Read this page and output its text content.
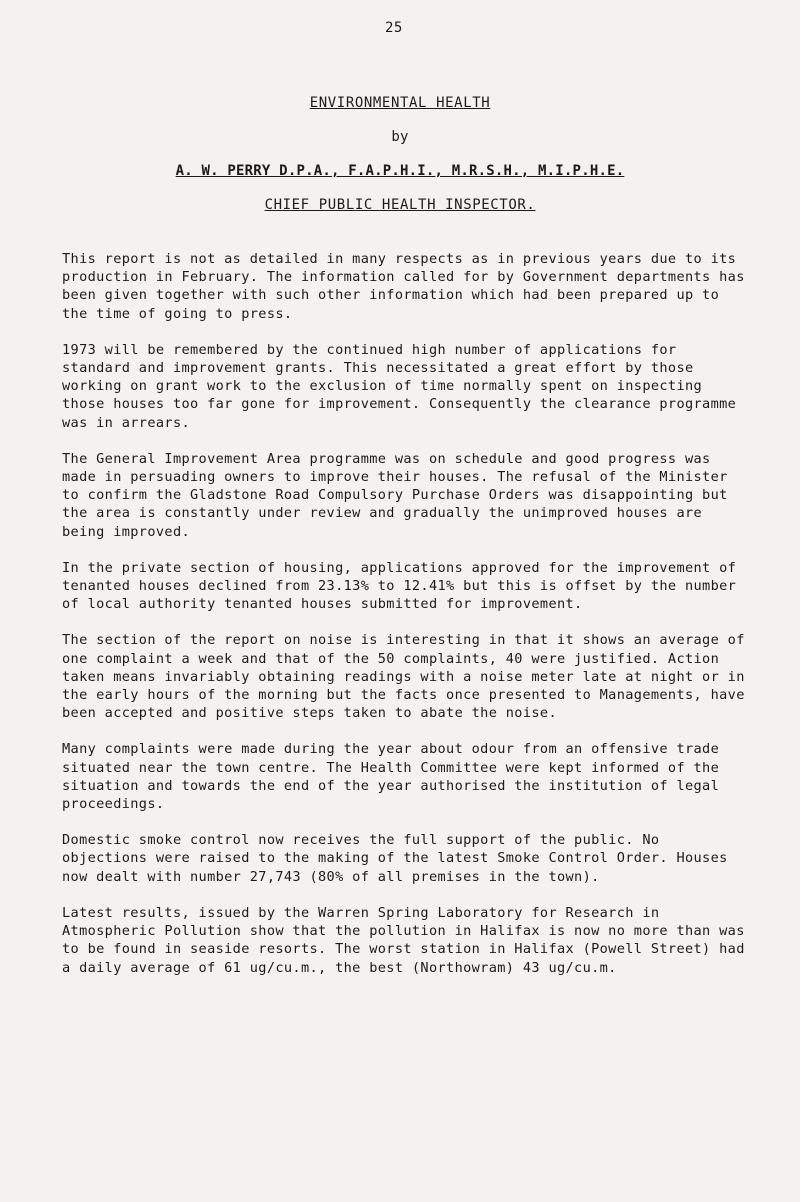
25
ENVIRONMENTAL HEALTH
by
A. W. PERRY D.P.A., F.A.P.H.I., M.R.S.H., M.I.P.H.E.
CHIEF PUBLIC HEALTH INSPECTOR.

This report is not as detailed in many respects as in previous years due to its production in February. The information called for by Government departments has been given together with such other information which had been prepared up to the time of going to press.

1973 will be remembered by the continued high number of applications for standard and improvement grants. This necessitated a great effort by those working on grant work to the exclusion of time normally spent on inspecting those houses too far gone for improvement. Consequently the clearance programme was in arrears.

The General Improvement Area programme was on schedule and good progress was made in persuading owners to improve their houses. The refusal of the Minister to confirm the Gladstone Road Compulsory Purchase Orders was disappointing but the area is constantly under review and gradually the unimproved houses are being improved.

In the private section of housing, applications approved for the improvement of tenanted houses declined from 23.13% to 12.41% but this is offset by the number of local authority tenanted houses submitted for improvement.

The section of the report on noise is interesting in that it shows an average of one complaint a week and that of the 50 complaints, 40 were justified. Action taken means invariably obtaining readings with a noise meter late at night or in the early hours of the morning but the facts once presented to Managements, have been accepted and positive steps taken to abate the noise.

Many complaints were made during the year about odour from an offensive trade situated near the town centre. The Health Committee were kept informed of the situation and towards the end of the year authorised the institution of legal proceedings.

Domestic smoke control now receives the full support of the public. No objections were raised to the making of the latest Smoke Control Order. Houses now dealt with number 27,743 (80% of all premises in the town).

Latest results, issued by the Warren Spring Laboratory for Research in Atmospheric Pollution show that the pollution in Halifax is now no more than was to be found in seaside resorts. The worst station in Halifax (Powell Street) had a daily average of 61 ug/cu.m., the best (Northowram) 43 ug/cu.m.
